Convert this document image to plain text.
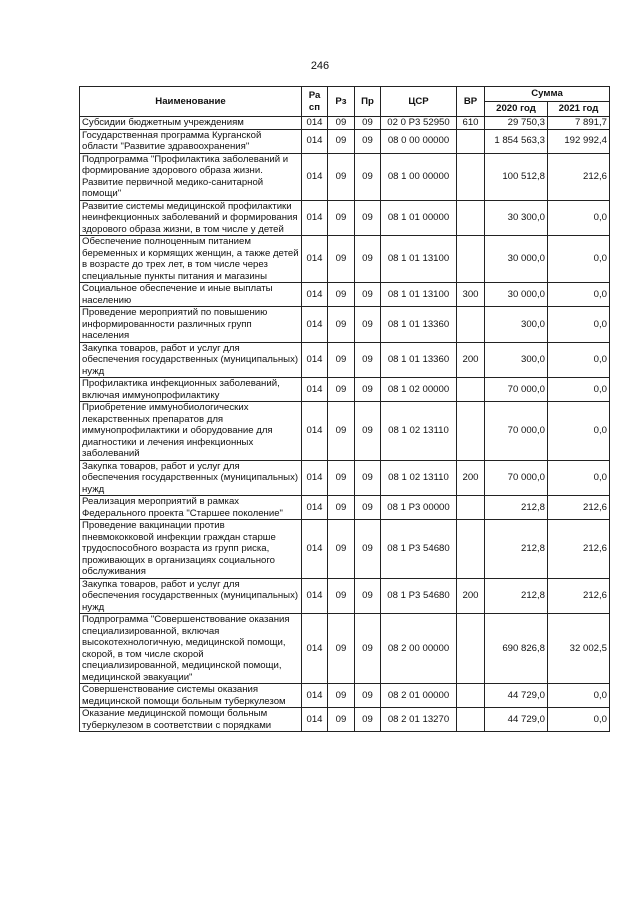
246
Наименование	Ра сп	Рз	Пр	ЦСР	ВР	Сумма	
						2020 год	2021 год
Субсидии бюджетным учреждениям	014	09	09	02 0 Р3 52950	610	29 750,3	7 891,7
Государственная программа Курганской области "Развитие здравоохранения"	014	09	09	08 0 00 00000		1 854 563,3	192 992,4
Подпрограмма "Профилактика заболеваний и формирование здорового образа жизни. Развитие первичной медико-санитарной помощи"	014	09	09	08 1 00 00000		100 512,8	212,6
Развитие системы медицинской профилактики неинфекционных заболеваний и формирования здорового образа жизни, в том числе у детей	014	09	09	08 1 01 00000		30 300,0	0,0
Обеспечение полноценным питанием беременных и кормящих женщин, а также детей в возрасте до трех лет, в том числе через специальные пункты питания и магазины	014	09	09	08 1 01 13100		30 000,0	0,0
Социальное обеспечение и иные выплаты населению	014	09	09	08 1 01 13100	300	30 000,0	0,0
Проведение мероприятий по повышению информированности различных групп населения	014	09	09	08 1 01 13360		300,0	0,0
Закупка товаров, работ и услуг для обеспечения государственных (муниципальных) нужд	014	09	09	08 1 01 13360	200	300,0	0,0
Профилактика инфекционных заболеваний, включая иммунопрофилактику	014	09	09	08 1 02 00000		70 000,0	0,0
Приобретение иммунобиологических лекарственных препаратов для иммунопрофилактики и оборудование для диагностики и лечения инфекционных заболеваний	014	09	09	08 1 02 13110		70 000,0	0,0
Закупка товаров, работ и услуг для обеспечения государственных (муниципальных) нужд	014	09	09	08 1 02 13110	200	70 000,0	0,0
Реализация мероприятий в рамках Федерального проекта "Старшее поколение"	014	09	09	08 1 Р3 00000		212,8	212,6
Проведение вакцинации против пневмококковой инфекции граждан старше трудоспособного возраста из групп риска, проживающих в организациях социального обслуживания	014	09	09	08 1 Р3 54680		212,8	212,6
Закупка товаров, работ и услуг для обеспечения государственных (муниципальных) нужд	014	09	09	08 1 Р3 54680	200	212,8	212,6
Подпрограмма "Совершенствование оказания специализированной, включая высокотехнологичную, медицинской помощи, скорой, в том числе скорой специализированной, медицинской помощи, медицинской эвакуации"	014	09	09	08 2 00 00000		690 826,8	32 002,5
Совершенствование системы оказания медицинской помощи больным туберкулезом	014	09	09	08 2 01 00000		44 729,0	0,0
Оказание медицинской помощи больным туберкулезом в соответствии с порядками	014	09	09	08 2 01 13270		44 729,0	0,0
